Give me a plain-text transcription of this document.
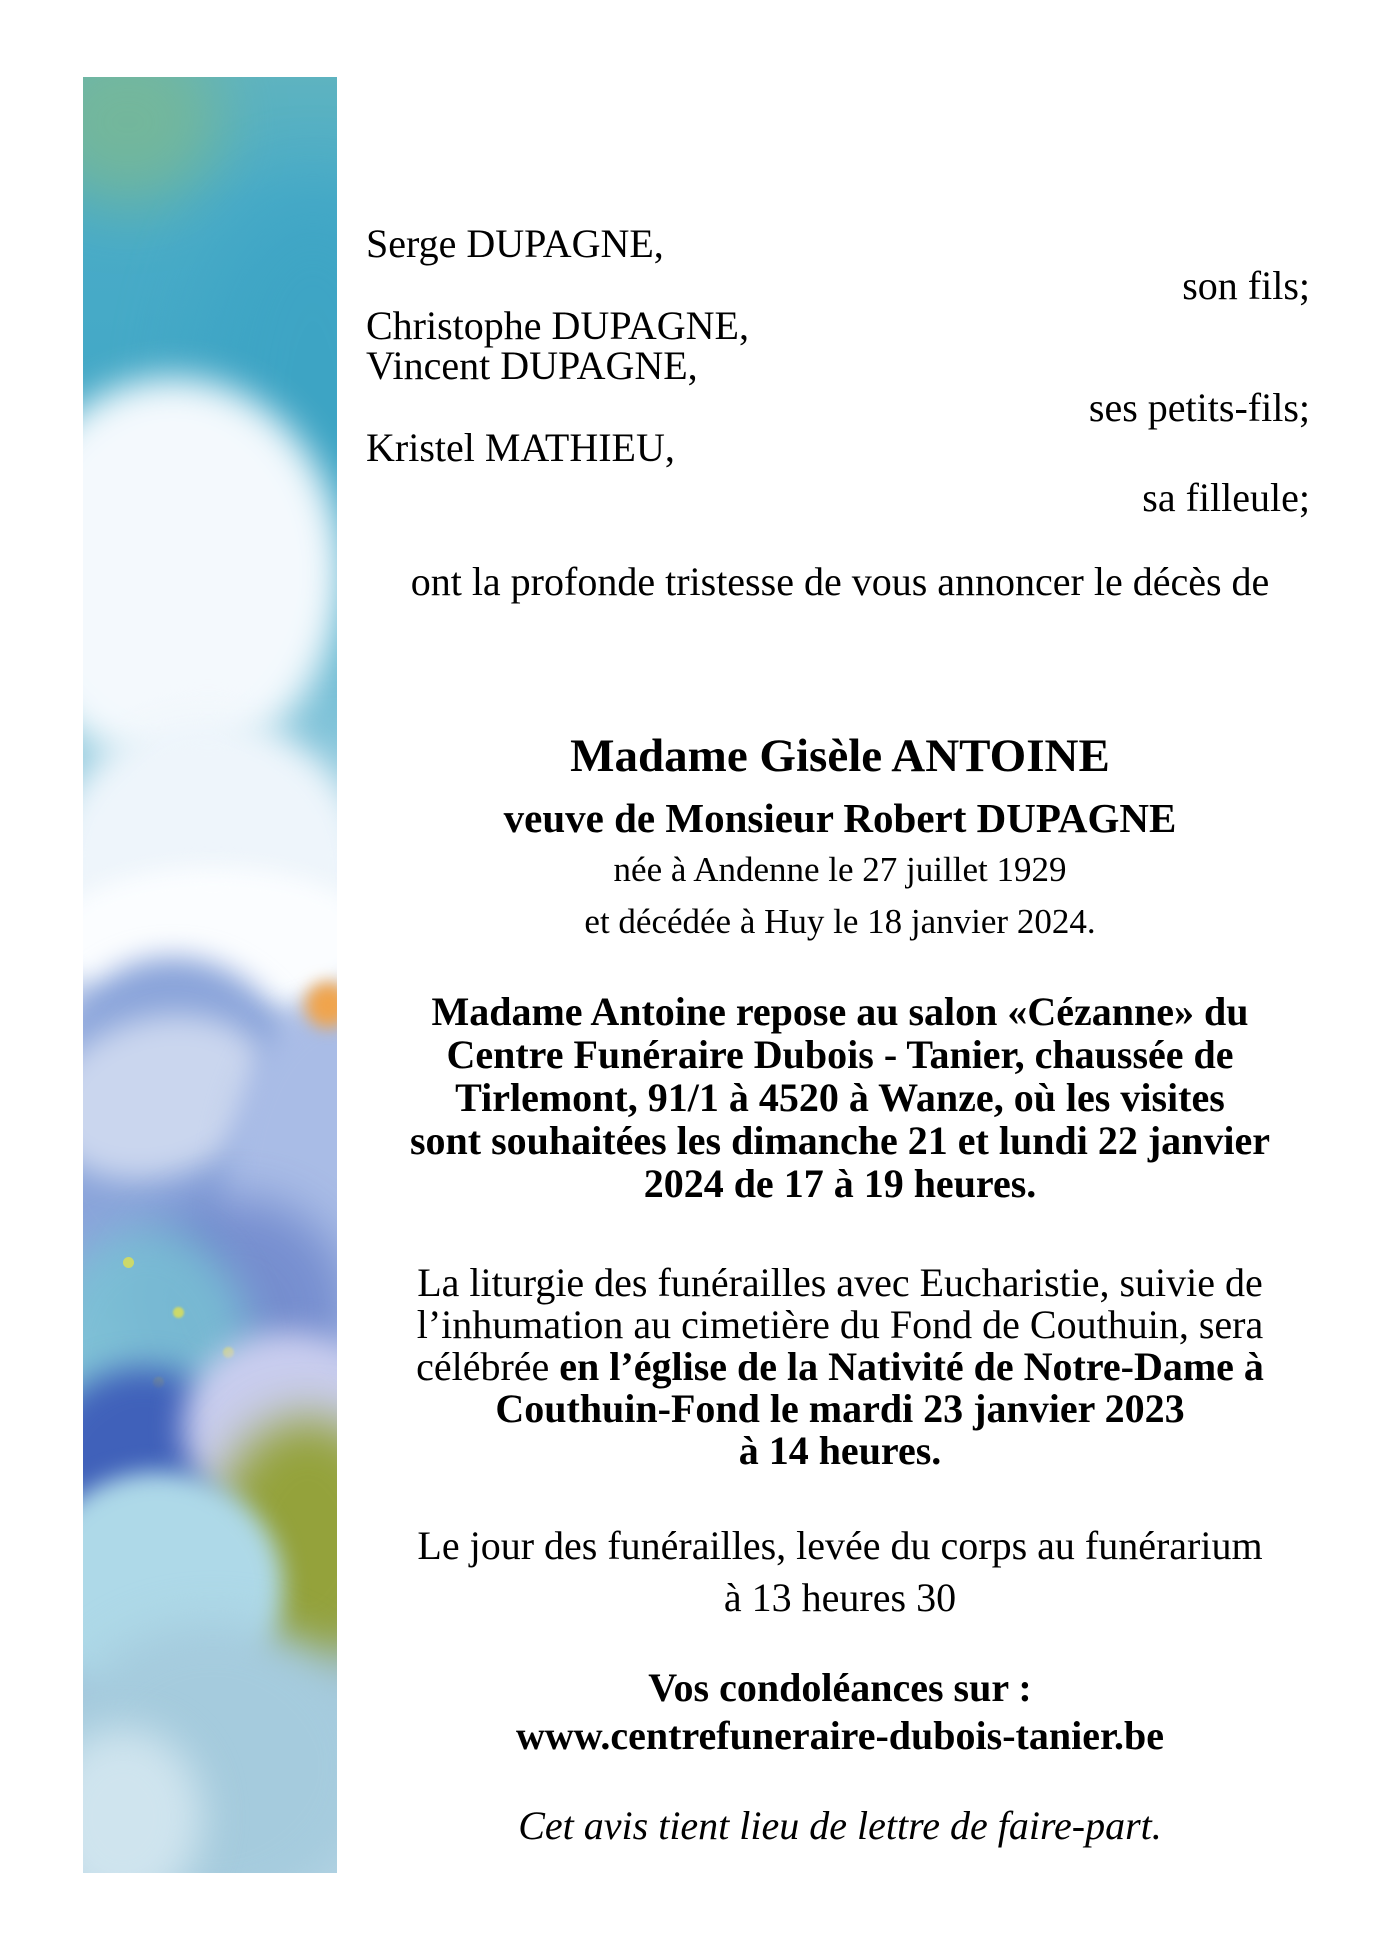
Serge DUPAGNE,
son fils;
Christophe DUPAGNE,
Vincent DUPAGNE,
ses petits-fils;
Kristel MATHIEU,
sa filleule;
ont la profonde tristesse de vous annoncer le décès de
Madame Gisèle ANTOINE
veuve de Monsieur Robert DUPAGNE
née à Andenne le 27 juillet 1929
et décédée à Huy le 18 janvier 2024.
Madame Antoine repose au salon «Cézanne» du
Centre Funéraire Dubois - Tanier, chaussée de
Tirlemont, 91/1 à 4520 à Wanze, où les visites
sont souhaitées les dimanche 21 et lundi 22 janvier
2024 de 17 à 19 heures.
La liturgie des funérailles avec Eucharistie, suivie de
l’inhumation au cimetière du Fond de Couthuin, sera
célébrée en l’église de la Nativité de Notre-Dame à
Couthuin-Fond le mardi 23 janvier 2023
à 14 heures.
Le jour des funérailles, levée du corps au funérarium
à 13 heures 30
Vos condoléances sur :
www.centrefuneraire-dubois-tanier.be
Cet avis tient lieu de lettre de faire-part.
